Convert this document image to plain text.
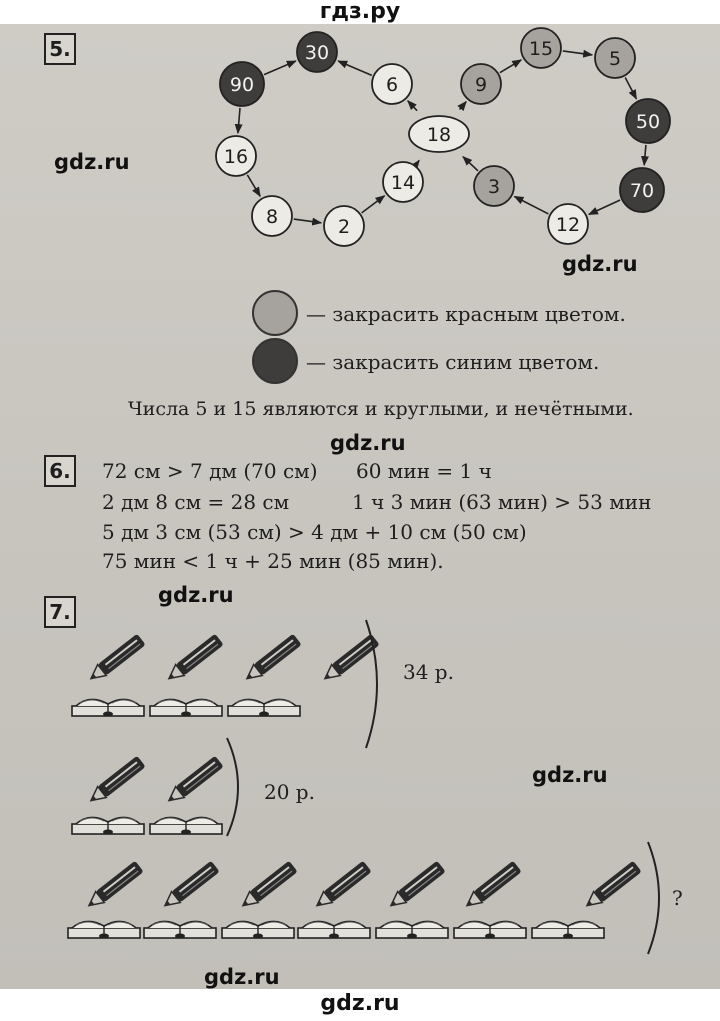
гдз.ру
5.	30
90
16
8	2
14
18
6	9
15	5
50
70
12
3
gdz.ru
gdz.ru
— закрасить красным цветом.
— закрасить синим цветом.
Числа 5 и 15 являются и круглыми, и нечётными.
gdz.ru
6. 72 см > 7 дм (70 см) 60 мин = 1 ч
2 дм 8 см = 28 см	1 ч 3 мин (63 мин) > 53 мин
5 дм 3 см (53 см) > 4 дм + 10 см (50 см)
75 мин < 1 ч + 25 мин (85 мин).
7.
gdz.ru
gdz.ru
gdz.ru
34 р.
20 р.
?
gdz.ru
